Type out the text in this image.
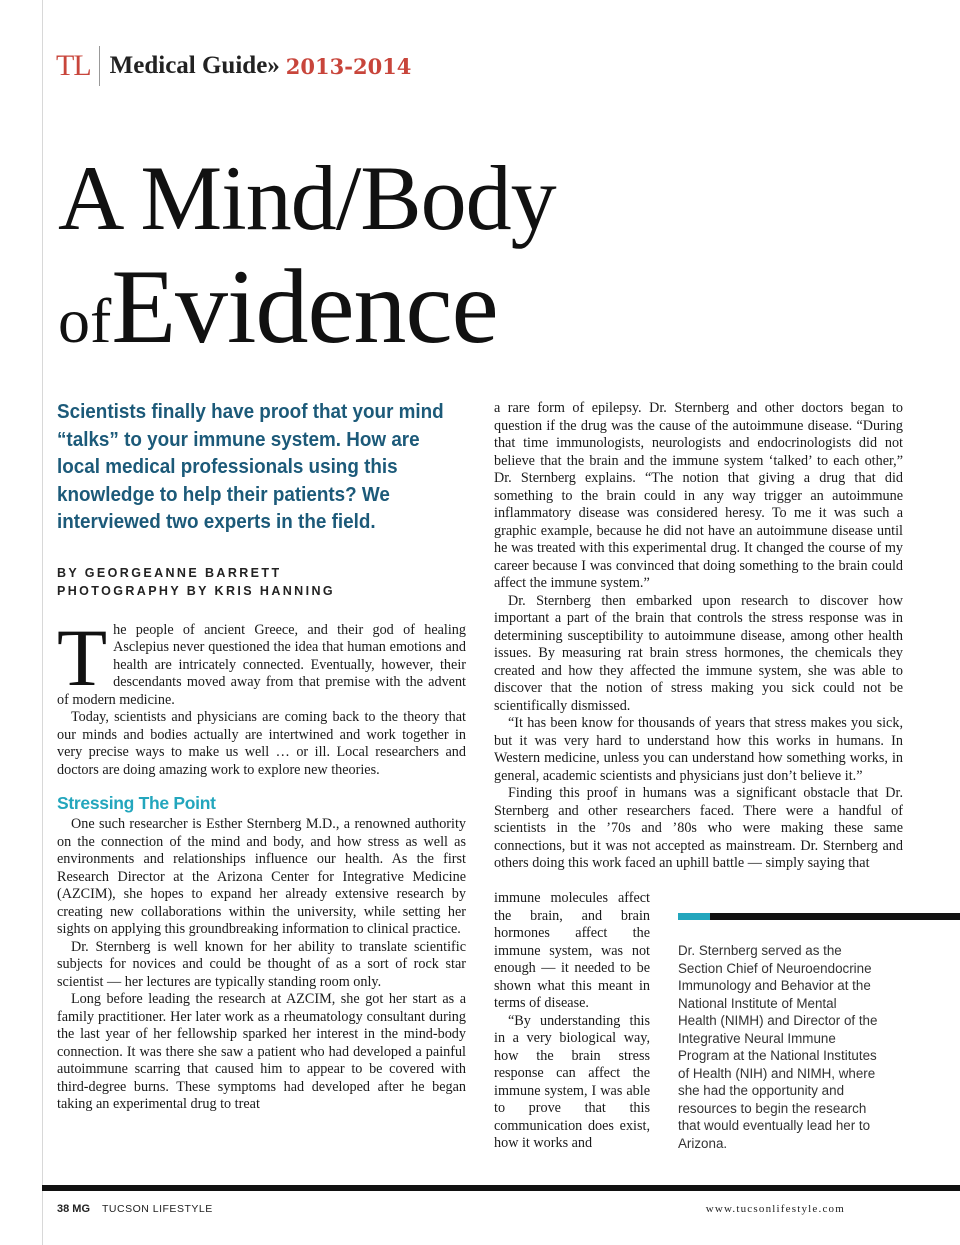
TL Medical Guide» 2013-2014
A Mind/Body
ofEvidence

Scientists finally have proof that your mind “talks” to your immune system. How are local medical professionals using this knowledge to help their patients? We interviewed two experts in the field.

BY GEORGEANNE BARRETT
PHOTOGRAPHY BY KRIS HANNING

The people of ancient Greece, and their god of healing Asclepius never questioned the idea that human emotions and health are intricately connected. Eventually, however, their descendants moved away from that premise with the advent of modern medicine.

Today, scientists and physicians are coming back to the theory that our minds and bodies actually are intertwined and work together in very precise ways to make us well … or ill. Local researchers and doctors are doing amazing work to explore new theories.

Stressing The Point

One such researcher is Esther Sternberg M.D., a renowned authority on the connection of the mind and body, and how stress as well as environments and relationships influence our health. As the first Research Director at the Arizona Center for Integrative Medicine (AZCIM), she hopes to expand her already extensive research by creating new collaborations within the university, while setting her sights on applying this groundbreaking information to clinical practice.

Dr. Sternberg is well known for her ability to translate scientific subjects for novices and could be thought of as a sort of rock star scientist — her lectures are typically standing room only.

Long before leading the research at AZCIM, she got her start as a family practitioner. Her later work as a rheumatology consultant during the last year of her fellowship sparked her interest in the mind-body connection. It was there she saw a patient who had developed a painful autoimmune scarring that caused him to appear to be covered with third-degree burns. These symptoms had developed after he began taking an experimental drug to treat

a rare form of epilepsy. Dr. Sternberg and other doctors began to question if the drug was the cause of the autoimmune disease. “During that time immunologists, neurologists and endocrinologists did not believe that the brain and the immune system ‘talked’ to each other,” Dr. Sternberg explains. “The notion that giving a drug that did something to the brain could in any way trigger an autoimmune inflammatory disease was considered heresy. To me it was such a graphic example, because he did not have an autoimmune disease until he was treated with this experimental drug. It changed the course of my career because I was convinced that doing something to the brain could affect the immune system.”

Dr. Sternberg then embarked upon research to discover how important a part of the brain that controls the stress response was in determining susceptibility to autoimmune disease, among other health issues. By measuring rat brain stress hormones, the chemicals they created and how they affected the immune system, she was able to discover that the notion of stress making you sick could not be scientifically dismissed.

“It has been know for thousands of years that stress makes you sick, but it was very hard to understand how this works in humans. In Western medicine, unless you can understand how something works, in general, academic scientists and physicians just don’t believe it.”

Finding this proof in humans was a significant obstacle that Dr. Sternberg and other researchers faced. There were a handful of scientists in the ’70s and ’80s who were making these same connections, but it was not accepted as mainstream. Dr. Sternberg and others doing this work faced an uphill battle — simply saying that

immune molecules affect the brain, and brain hormones affect the immune system, was not enough — it needed to be shown what this meant in terms of disease.

“By understanding this in a very biological way, how the brain stress response can affect the immune system, I was able to prove that this communication does exist, how it works and

Dr. Sternberg served as the Section Chief of Neuroendocrine Immunology and Behavior at the National Institute of Mental Health (NIMH) and Director of the Integrative Neural Immune Program at the National Institutes of Health (NIH) and NIMH, where she had the opportunity and resources to begin the research that would eventually lead her to Arizona.
38 MG TUCSON LIFESTYLE	www.tucsonlifestyle.com
